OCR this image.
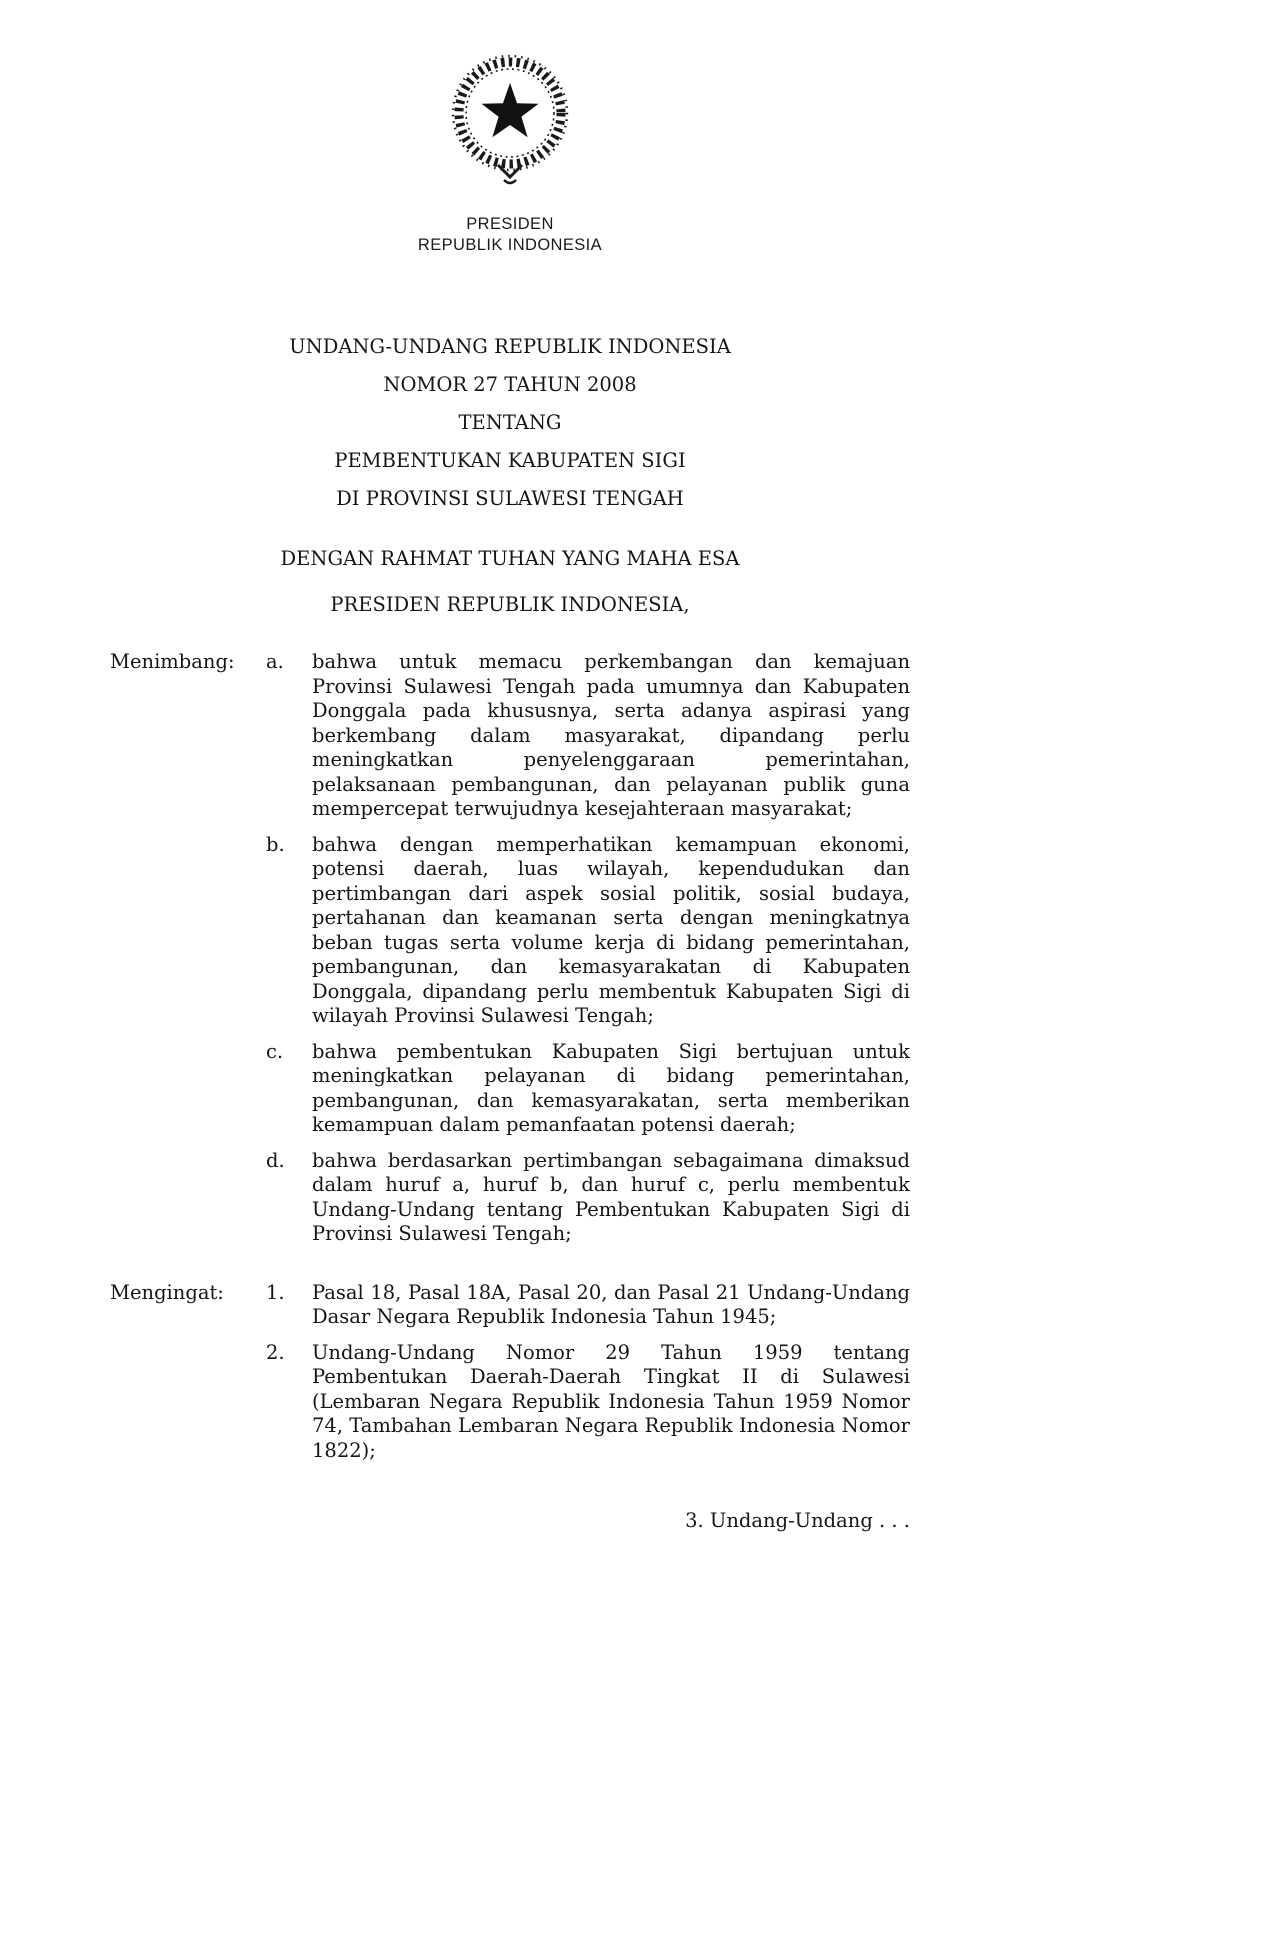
PRESIDEN
REPUBLIK INDONESIA
UNDANG-UNDANG REPUBLIK INDONESIA
NOMOR 27 TAHUN 2008
TENTANG
PEMBENTUKAN KABUPATEN SIGI
DI PROVINSI SULAWESI TENGAH
DENGAN RAHMAT TUHAN YANG MAHA ESA
PRESIDEN REPUBLIK INDONESIA,
Menimbang: a.	bahwa untuk memacu perkembangan dan kemajuan Provinsi Sulawesi Tengah pada umumnya dan Kabupaten Donggala pada khususnya, serta adanya aspirasi yang berkembang dalam masyarakat, dipandang perlu meningkatkan penyelenggaraan pemerintahan, pelaksanaan pembangunan, dan pelayanan publik guna mempercepat terwujudnya kesejahteraan masyarakat;
b.	bahwa dengan memperhatikan kemampuan ekonomi, potensi daerah, luas wilayah, kependudukan dan pertimbangan dari aspek sosial politik, sosial budaya, pertahanan dan keamanan serta dengan meningkatnya beban tugas serta volume kerja di bidang pemerintahan, pembangunan, dan kemasyarakatan di Kabupaten Donggala, dipandang perlu membentuk Kabupaten Sigi di wilayah Provinsi Sulawesi Tengah;
c.	bahwa pembentukan Kabupaten Sigi bertujuan untuk meningkatkan pelayanan di bidang pemerintahan, pembangunan, dan kemasyarakatan, serta memberikan kemampuan dalam pemanfaatan potensi daerah;
d.	bahwa berdasarkan pertimbangan sebagaimana dimaksud dalam huruf a, huruf b, dan huruf c, perlu membentuk Undang-Undang tentang Pembentukan Kabupaten Sigi di Provinsi Sulawesi Tengah;
Mengingat: 1.	Pasal 18, Pasal 18A, Pasal 20, dan Pasal 21 Undang-Undang Dasar Negara Republik Indonesia Tahun 1945;
2.	Undang-Undang Nomor 29 Tahun 1959 tentang Pembentukan Daerah-Daerah Tingkat II di Sulawesi (Lembaran Negara Republik Indonesia Tahun 1959 Nomor 74, Tambahan Lembaran Negara Republik Indonesia Nomor 1822);
3. Undang-Undang . . .
